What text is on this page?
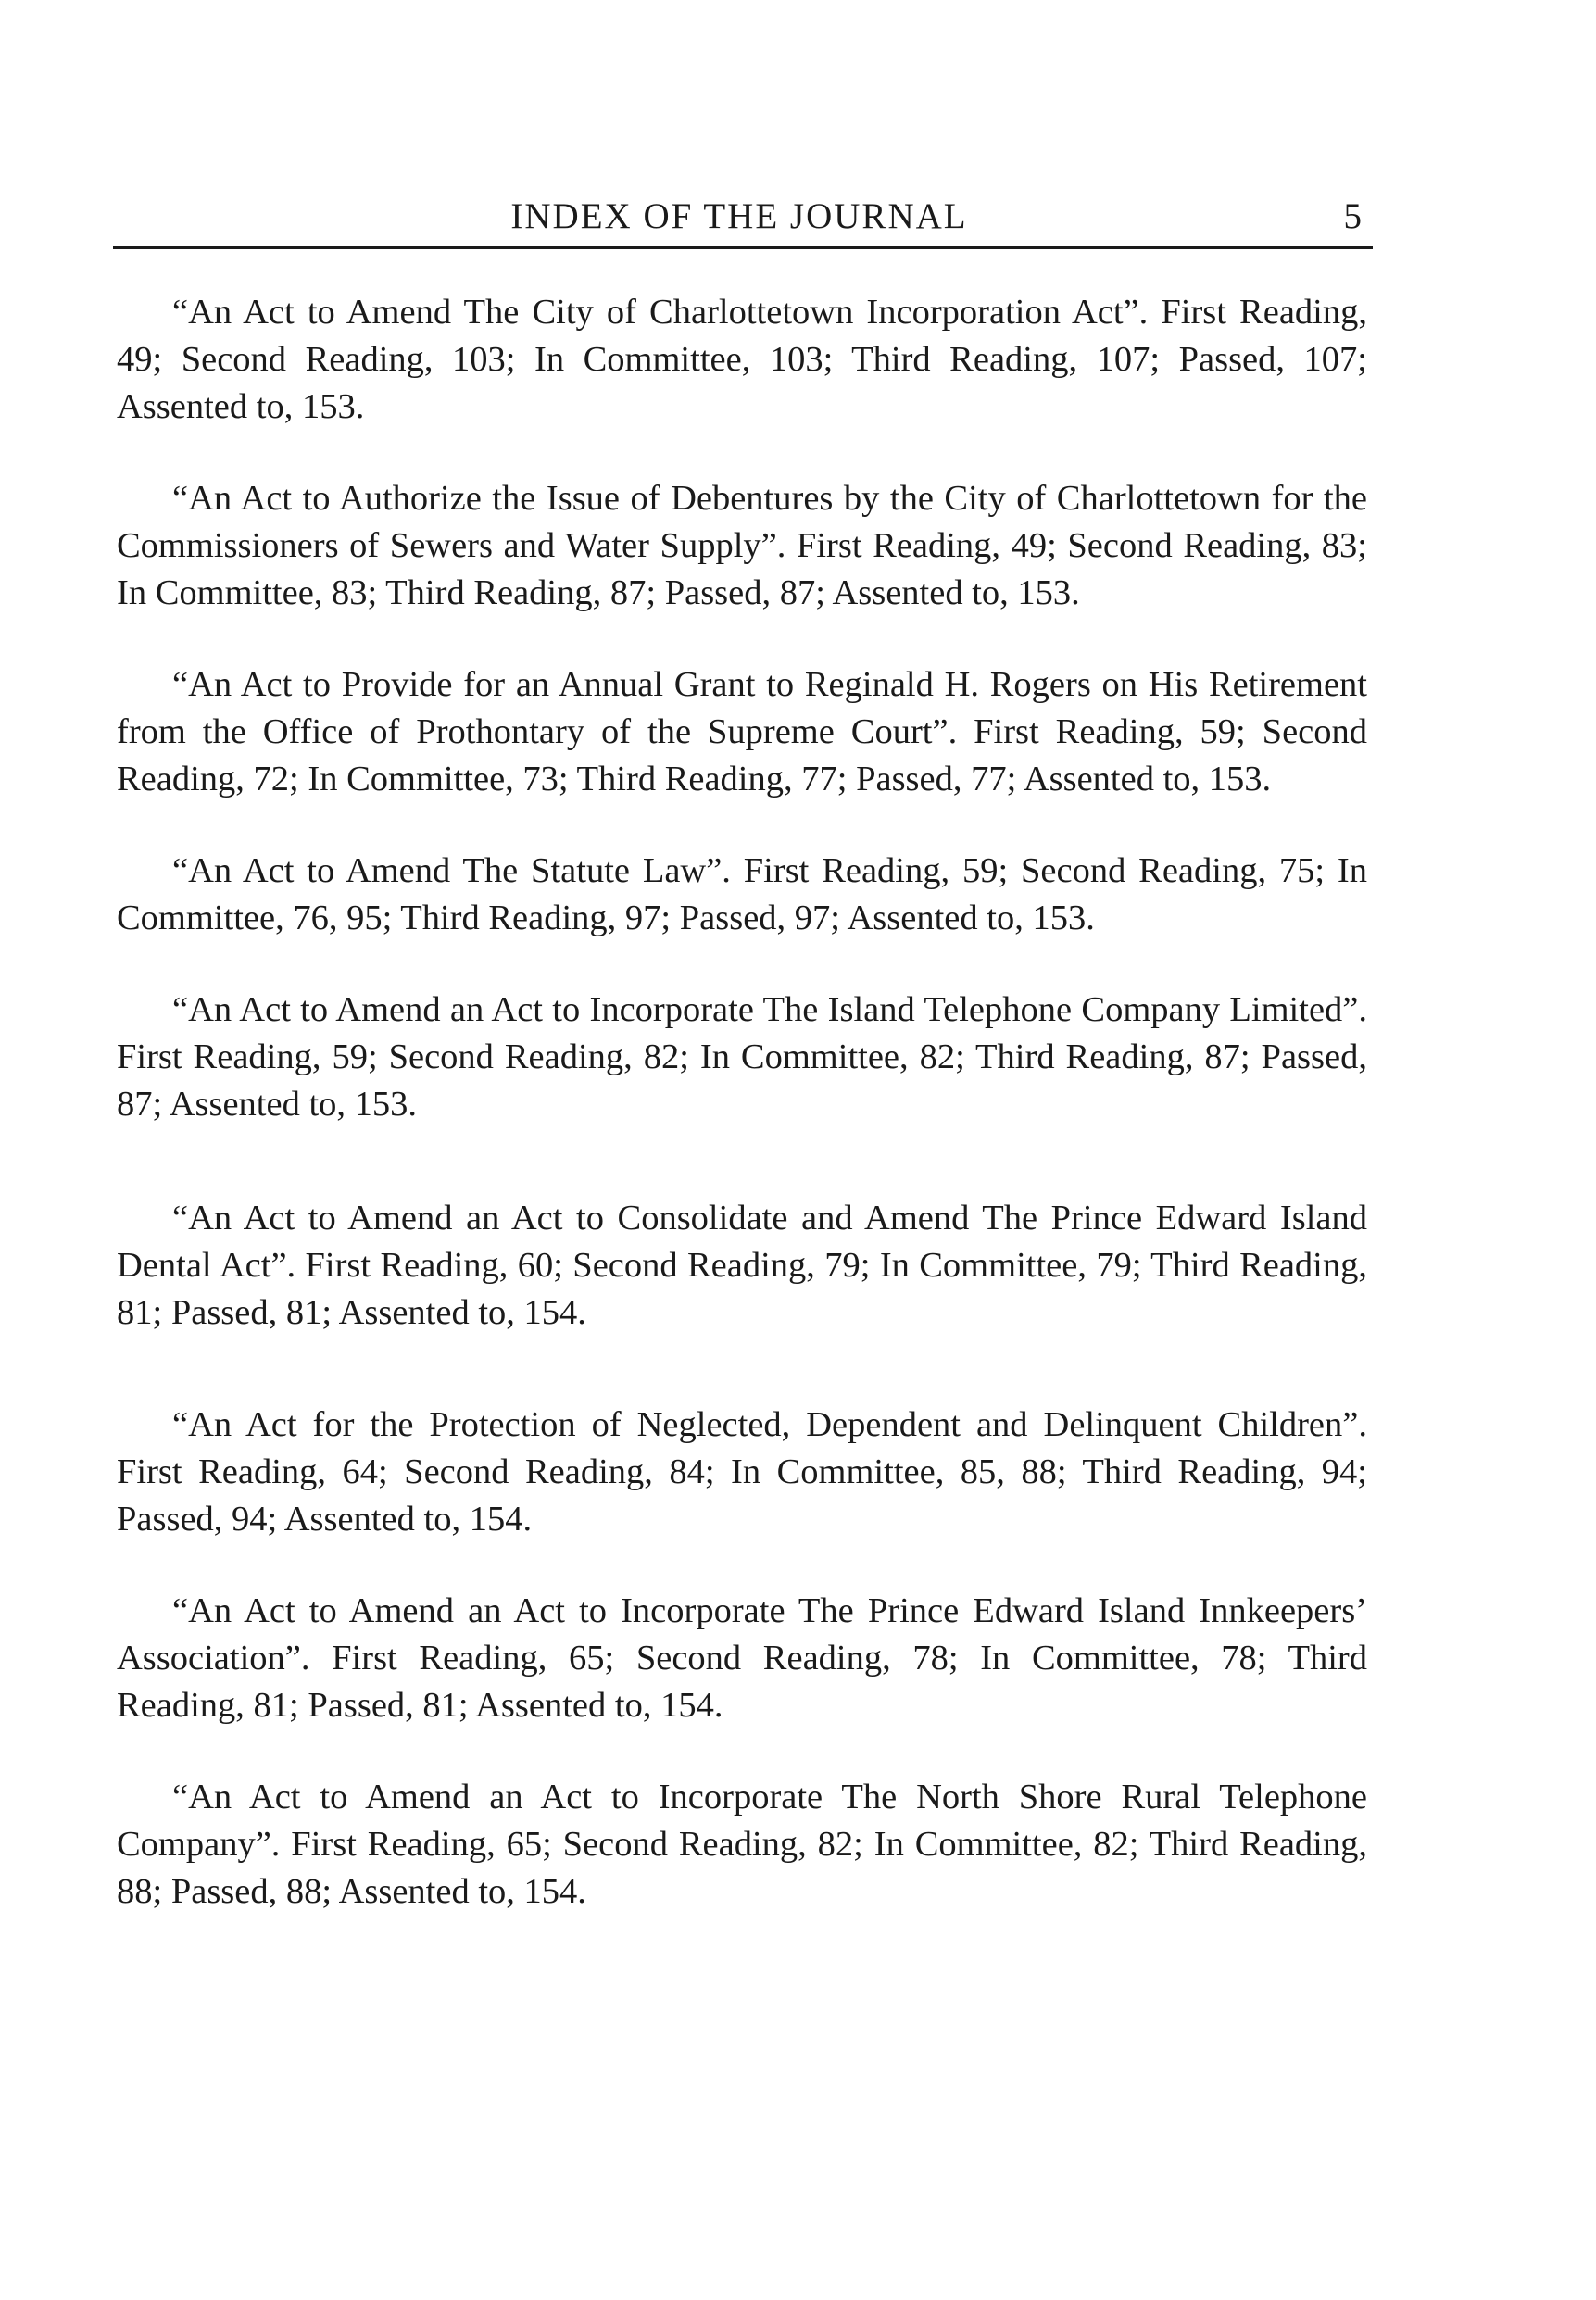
INDEX OF THE JOURNAL	5

“An Act to Amend The City of Charlottetown Incorporation Act”. First Reading, 49; Second Reading, 103; In Committee, 103; Third Reading, 107; Passed, 107; Assented to, 153.

“An Act to Authorize the Issue of Debentures by the City of Charlottetown for the Commissioners of Sewers and Water Supply”. First Reading, 49; Second Reading, 83; In Committee, 83; Third Reading, 87; Passed, 87; Assented to, 153.

“An Act to Provide for an Annual Grant to Reginald H. Rogers on His Retirement from the Office of Prothontary of the Supreme Court”. First Reading, 59; Second Reading, 72; In Committee, 73; Third Reading, 77; Passed, 77; Assented to, 153.

“An Act to Amend The Statute Law”. First Reading, 59; Second Reading, 75; In Committee, 76, 95; Third Reading, 97; Passed, 97; Assented to, 153.

“An Act to Amend an Act to Incorporate The Island Telephone Company Limited”. First Reading, 59; Second Reading, 82; In Committee, 82; Third Reading, 87; Passed, 87; Assented to, 153.

“An Act to Amend an Act to Consolidate and Amend The Prince Edward Island Dental Act”. First Reading, 60; Second Reading, 79; In Committee, 79; Third Reading, 81; Passed, 81; Assented to, 154.

“An Act for the Protection of Neglected, Dependent and Delinquent Children”. First Reading, 64; Second Reading, 84; In Committee, 85, 88; Third Reading, 94; Passed, 94; Assented to, 154.

“An Act to Amend an Act to Incorporate The Prince Edward Island Innkeepers’ Association”. First Reading, 65; Second Reading, 78; In Committee, 78; Third Reading, 81; Passed, 81; Assented to, 154.

“An Act to Amend an Act to Incorporate The North Shore Rural Telephone Company”. First Reading, 65; Second Reading, 82; In Committee, 82; Third Reading, 88; Passed, 88; Assented to, 154.
